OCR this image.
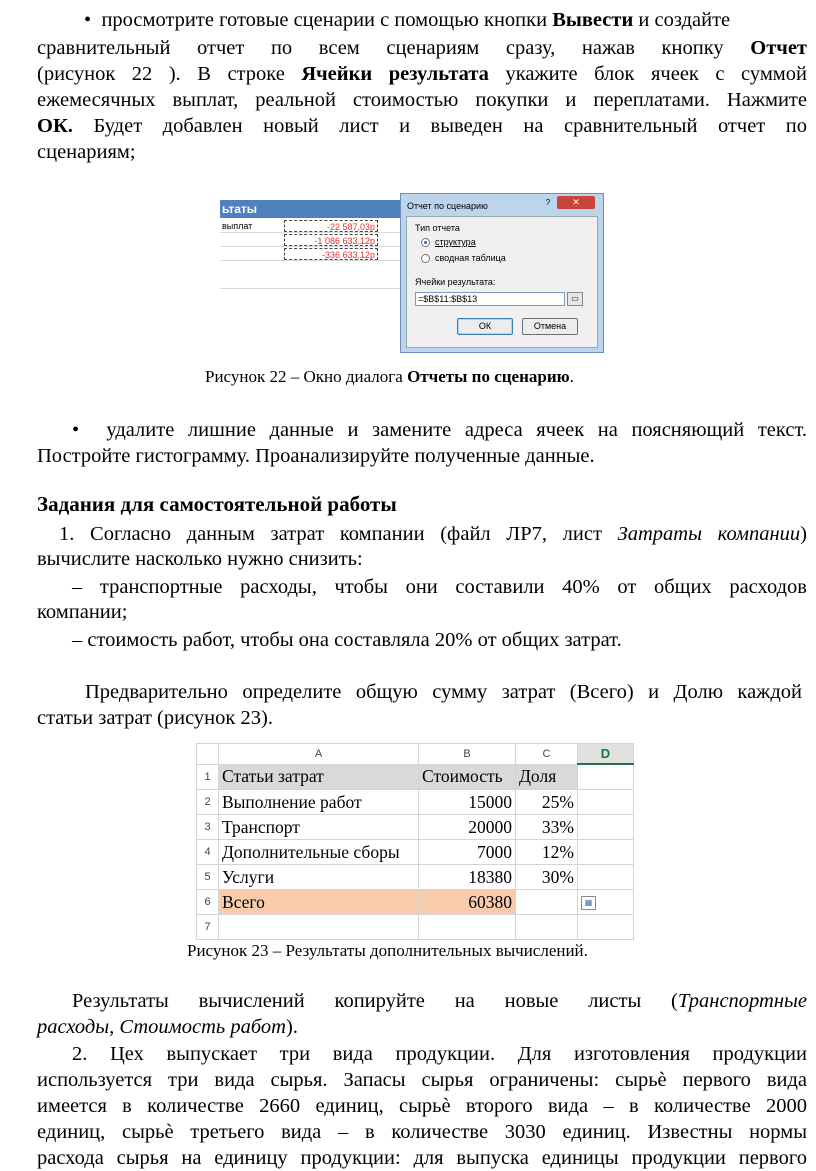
• просмотрите готовые сценарии с помощью кнопки Вывести и создайте
сравнительный отчет по всем сценариям сразу, нажав кнопку Отчет
(рисунок 22 ). В строке Ячейки результата укажите блок ячеек с суммой
ежемесячных выплат, реальной стоимостью покупки и переплатами. Нажмите
ОК. Будет добавлен новый лист и выведен на сравнительный отчет по
сценариям;
ьтаты
выплат	-22 587,03р
-1 086 633,12р
-336 633,12р
Отчет по сценарию	?	✕
Тип отчета
структура
сводная таблица
Ячейки результата:
=$B$11:$B$13	▭
ОК	Отмена
Рисунок 22 – Окно диалога Отчеты по сценарию.
• удалите лишние данные и замените адреса ячеек на поясняющий текст.
Постройте гистограмму. Проанализируйте полученные данные.
Задания для самостоятельной работы
1. Согласно данным затрат компании (файл ЛР7, лист Затраты компании)
вычислите насколько нужно снизить:
– транспортные расходы, чтобы они составили 40% от общих расходов
компании;
– стоимость работ, чтобы она составляла 20% от общих затрат.
Предварительно определите общую сумму затрат (Всего) и Долю каждой
статьи затрат (рисунок 23).
	A	B	C	D
1	Статьи затрат	Стоимость	Доля	
2	Выполнение работ	15000	25%	
3	Транспорт	20000	33%	
4	Дополнительные сборы	7000	12%	
5	Услуги	18380	30%	
6	Всего	60380		▦
7				
Рисунок 23 – Результаты дополнительных вычислений.
Результаты вычислений копируйте на новые листы (Транспортные
расходы, Стоимость работ).
2. Цех выпускает три вида продукции. Для изготовления продукции
используется три вида сырья. Запасы сырья ограничены: сырьѐ первого вида
имеется в количестве 2660 единиц, сырьѐ второго вида – в количестве 2000
единиц, сырьѐ третьего вида – в количестве 3030 единиц. Известны нормы
расхода сырья на единицу продукции: для выпуска единицы продукции первого
